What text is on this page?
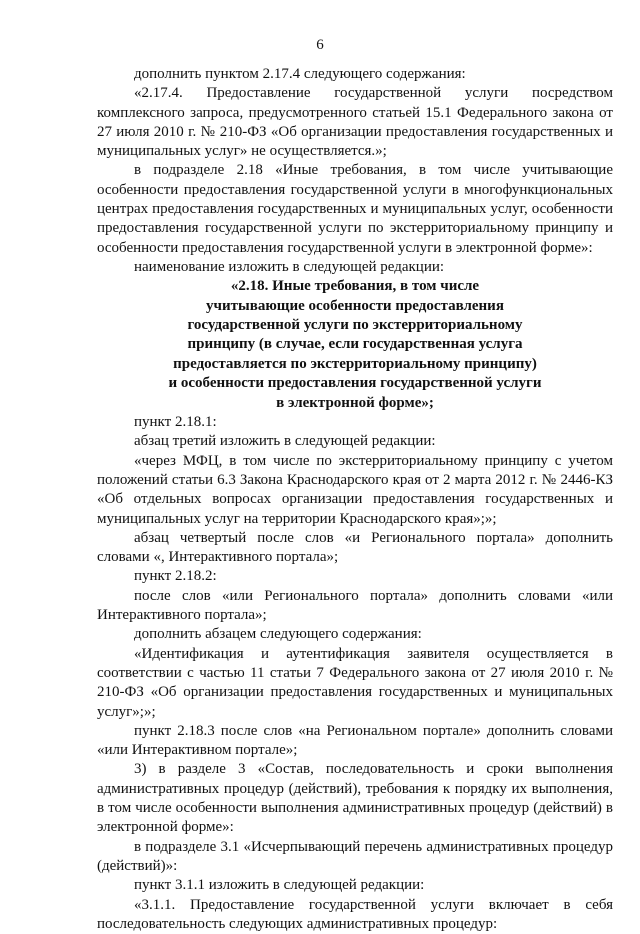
6

дополнить пунктом 2.17.4 следующего содержания:

«2.17.4. Предоставление государственной услуги посредством комплексного запроса, предусмотренного статьей 15.1 Федерального закона от 27 июля 2010 г. № 210-ФЗ «Об организации предоставления государственных и муниципальных услуг» не осуществляется.»;

в подразделе 2.18 «Иные требования, в том числе учитывающие особенности предоставления государственной услуги в многофункциональных центрах предоставления государственных и муниципальных услуг, особенности предоставления государственной услуги по экстерриториальному принципу и особенности предоставления государственной услуги в электронной форме»:

наименование изложить в следующей редакции:

«2.18. Иные требования, в том числе
учитывающие особенности предоставления
государственной услуги по экстерриториальному
принципу (в случае, если государственная услуга
предоставляется по экстерриториальному принципу)
и особенности предоставления государственной услуги
в электронной форме»;

пункт 2.18.1:

абзац третий изложить в следующей редакции:

«через МФЦ, в том числе по экстерриториальному принципу с учетом положений статьи 6.3 Закона Краснодарского края от 2 марта 2012 г. № 2446-КЗ «Об отдельных вопросах организации предоставления государственных и муниципальных услуг на территории Краснодарского края»;»;

абзац четвертый после слов «и Регионального портала» дополнить словами «, Интерактивного портала»;

пункт 2.18.2:

после слов «или Регионального портала» дополнить словами «или Интерактивного портала»;

дополнить абзацем следующего содержания:

«Идентификация и аутентификация заявителя осуществляется в соответствии с частью 11 статьи 7 Федерального закона от 27 июля 2010 г. № 210-ФЗ «Об организации предоставления государственных и муниципальных услуг»;»;

пункт 2.18.3 после слов «на Региональном портале» дополнить словами «или Интерактивном портале»;

3) в разделе 3 «Состав, последовательность и сроки выполнения административных процедур (действий), требования к порядку их выполнения, в том числе особенности выполнения административных процедур (действий) в электронной форме»:

в подразделе 3.1 «Исчерпывающий перечень административных процедур (действий)»:

пункт 3.1.1 изложить в следующей редакции:

«3.1.1. Предоставление государственной услуги включает в себя последовательность следующих административных процедур:
